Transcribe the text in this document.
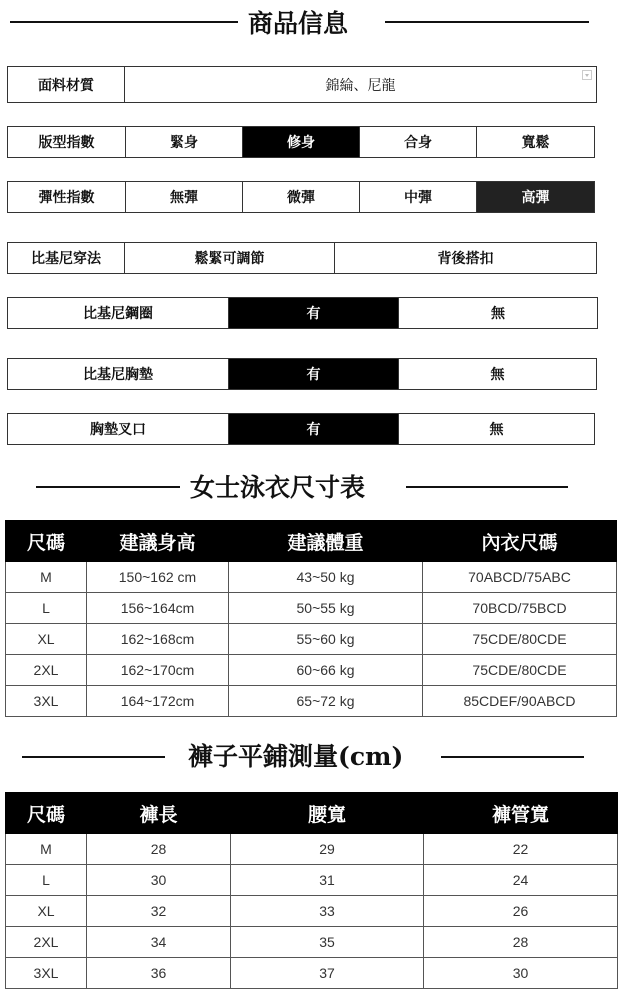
商品信息
面料材質	錦綸、尼龍
版型指數	緊身	修身	合身	寬鬆
彈性指數	無彈	微彈	中彈	高彈
比基尼穿法	鬆緊可調節	背後搭扣
比基尼鋼圈	有	無
比基尼胸墊	有	無
胸墊叉口	有	無
女士泳衣尺寸表
尺碼	建議身高	建議體重	內衣尺碼
M	150~162 cm	43~50 kg	70ABCD/75ABC
L	156~164cm	50~55 kg	70BCD/75BCD
XL	162~168cm	55~60 kg	75CDE/80CDE
2XL	162~170cm	60~66 kg	75CDE/80CDE
3XL	164~172cm	65~72 kg	85CDEF/90ABCD
褲子平鋪測量(cm)
尺碼	褲長	腰寬	褲管寬
M	28	29	22
L	30	31	24
XL	32	33	26
2XL	34	35	28
3XL	36	37	30
